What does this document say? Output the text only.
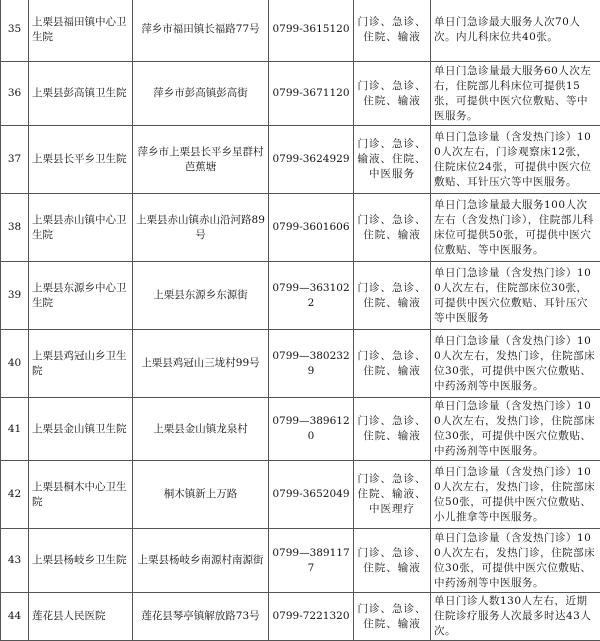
35	上栗县福田镇中心卫生院	萍乡市福田镇长福路77号	0799-3615120	门诊、急诊、住院、输液	单日门急诊最大服务人次70人次。内儿科床位共40张。
36	上栗县彭高镇卫生院	萍乡市彭高镇彭高街	0799-3671120	门诊、急诊、住院、输液	单日门急诊量最大服务60人次左右，住院部儿科床位可提供15张，可提供中医穴位敷贴、等中医服务。
37	上栗县长平乡卫生院	萍乡市上栗县长平乡星群村芭蕉塘	0799-3624929	门诊、急诊、输液、住院、中医服务	单日门急诊量（含发热门诊）100人次左右，门诊观察床12张，住院床位24张，可提供中医穴位敷贴、耳针压穴等中医服务。
38	上栗县赤山镇中心卫生院	上栗县赤山镇赤山沿河路89号	0799-3601606	门诊、急诊、住院、输液	单日门急诊量最大服务100人次左右（含发热门诊），住院部儿科床位可提供50张，可提供中医穴位敷贴、等中医服务。
39	上栗县东源乡中心卫生院	上栗县东源乡东源街	0799—3631022	门诊、急诊、住院、输液	单日门急诊量（含发热门诊）100人次左右，住院部床位30张，可提供中医穴位敷贴、耳针压穴等中医服务
40	上栗县鸡冠山乡卫生院	上栗县鸡冠山三垅村99号	0799—3802329	门诊、急诊、住院、输液	单日门急诊量（含发热门诊）100人次左右，发热门诊，住院部床位30张，可提供中医穴位敷贴、中药汤剂等中医服务。
41	上栗县金山镇卫生院	上栗县金山镇龙泉村	0799—3896120	门诊、急诊、住院、输液	单日门急诊量（含发热门诊）100人次左右，发热门诊，住院部床位30张，可提供中医穴位敷贴、中药汤剂等中医服务。
42	上栗县桐木中心卫生院	桐木镇新上万路	0799-3652049	门诊、急诊、住院、输液、中医理疗	单日门急诊量（含发热门诊）100人次左右，发热门诊，住院部床位50张，可提供中医穴位敷贴、小儿推拿等中医服务。
43	上栗县杨岐乡卫生院	上栗县杨岐乡南源村南源街	0799—3891177	门诊、急诊、住院、输液	单日门急诊量（含发热门诊）100人次左右，发热门诊，住院部床位30张，可提供中医穴位敷贴、中药汤剂等中医服务。
44	莲花县人民医院	莲花县琴亭镇解放路73号	0799-7221320	门诊、急诊、住院、输液	单日门诊人数130人左右，近期住院诊疗服务人次最多时达43人次。
